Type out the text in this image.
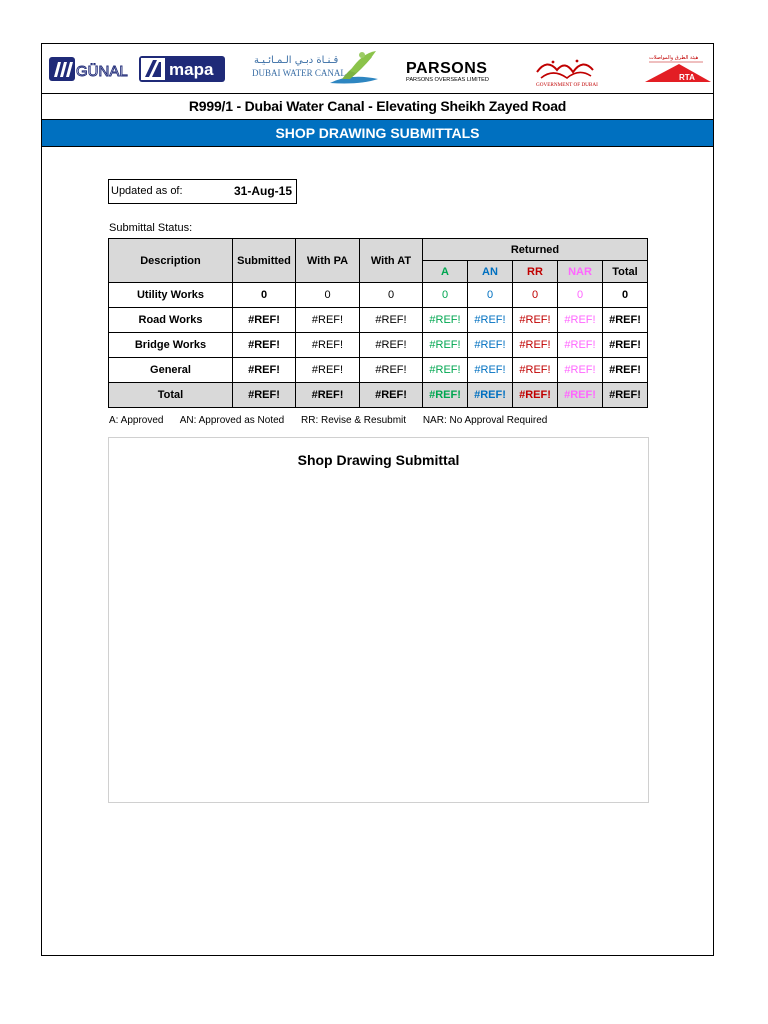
GÜNAL mapa	قـنـاة دبـي الـمـائـيـة
DUBAI WATER CANAL	PARSONS
PARSONS OVERSEAS LIMITED
GOVERNMENT OF DUBAI
هيئة الطرق والمواصلات
RTA
R999/1 - Dubai Water Canal - Elevating Sheikh Zayed Road
SHOP DRAWING SUBMITTALS
Updated as of:	31-Aug-15
Submittal Status:
Description	Submitted	With PA	With AT	Returned				
				A	AN	RR	NAR	Total
Utility Works	0	0	0	0	0	0	0	0
Road Works	#REF!	#REF!	#REF!	#REF!	#REF!	#REF!	#REF!	#REF!
Bridge Works	#REF!	#REF!	#REF!	#REF!	#REF!	#REF!	#REF!	#REF!
General	#REF!	#REF!	#REF!	#REF!	#REF!	#REF!	#REF!	#REF!
Total	#REF!	#REF!	#REF!	#REF!	#REF!	#REF!	#REF!	#REF!
A: Approved AN: Approved as Noted RR: Revise & Resubmit NAR: No Approval Required
Shop Drawing Submittal
